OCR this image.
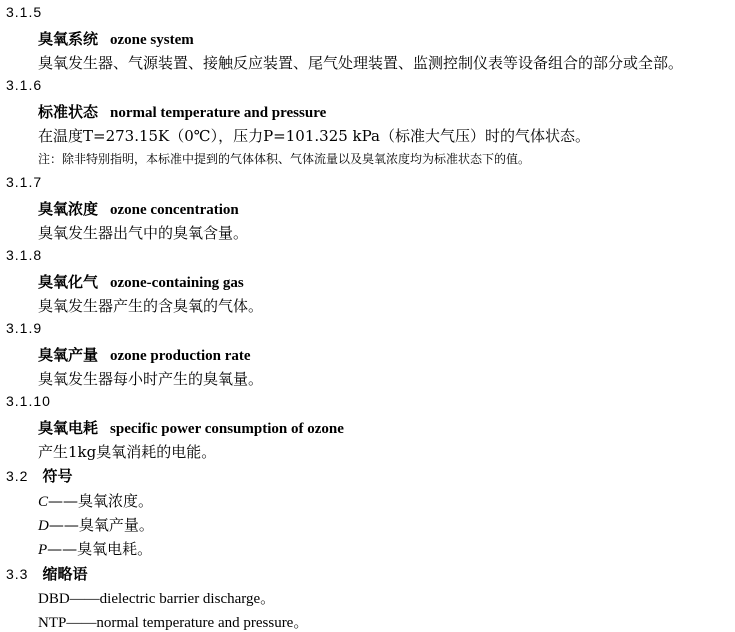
3.1.5
臭氧系统 ozone system
臭氧发生器、气源装置、接触反应装置、尾气处理装置、监测控制仪表等设备组合的部分或全部。
3.1.6
标准状态 normal temperature and pressure
在温度T=273.15K（0℃），压力P=101.325 kPa（标准大气压）时的气体状态。
注：除非特别指明，本标准中提到的气体体积、气体流量以及臭氧浓度均为标准状态下的值。
3.1.7
臭氧浓度 ozone concentration
臭氧发生器出气中的臭氧含量。
3.1.8
臭氧化气 ozone-containing gas
臭氧发生器产生的含臭氧的气体。
3.1.9
臭氧产量 ozone production rate
臭氧发生器每小时产生的臭氧量。
3.1.10
臭氧电耗 specific power consumption of ozone
产生1kg臭氧消耗的电能。
3.2 符号
C——臭氧浓度。
D——臭氧产量。
P——臭氧电耗。
3.3 缩略语
DBD——dielectric barrier discharge。
NTP——normal temperature and pressure。
